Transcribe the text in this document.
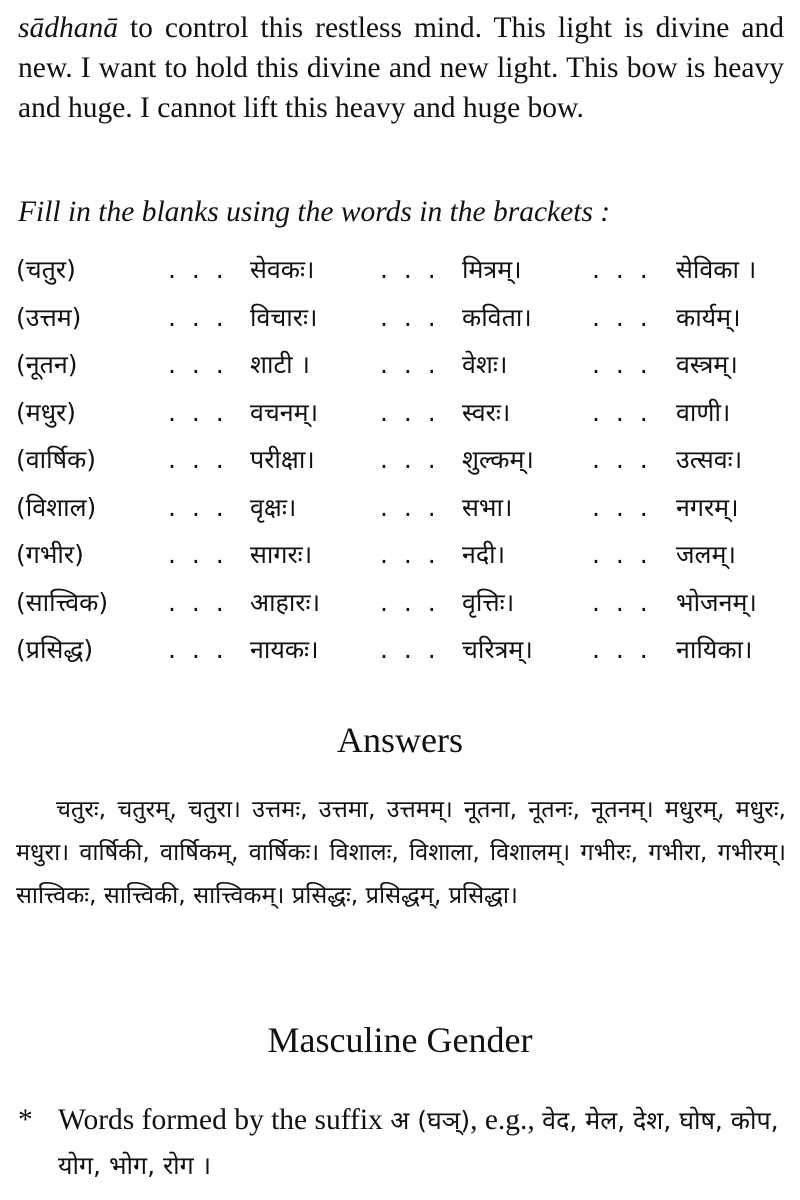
sādhanā to control this restless mind. This light is divine and new. I want to hold this divine and new light. This bow is heavy and huge. I cannot lift this heavy and huge bow.

Fill in the blanks using the words in the brackets :

(चतुर)	. . . सेवकः।	. . . मित्रम्।	. . . सेविका ।
(उत्तम)	. . . विचारः।	. . . कविता। . . . कार्यम्।
(नूतन)	. . . शाटी ।	. . . वेशः।	. . . वस्त्रम्।
(मधुर)	. . . वचनम्। . . . स्वरः।	. . . वाणी।
(वार्षिक)	. . . परीक्षा।	. . . शुल्कम्। . . . उत्सवः।
(विशाल)	. . . वृक्षः।	. . . सभा।	. . . नगरम्।
(गभीर)	. . . सागरः।	. . . नदी।	. . . जलम्।
(सात्त्विक) . . . आहारः। . . . वृत्तिः।	. . . भोजनम्।
(प्रसिद्ध)	. . . नायकः। . . . चरित्रम्। . . . नायिका।
Answers

चतुरः, चतुरम्, चतुरा। उत्तमः, उत्तमा, उत्तमम्। नूतना, नूतनः, नूतनम्। मधुरम्, मधुरः, मधुरा। वार्षिकी, वार्षिकम्, वार्षिकः। विशालः, विशाला, विशालम्। गभीरः, गभीरा, गभीरम्। सात्त्विकः, सात्त्विकी, सात्त्विकम्। प्रसिद्धः, प्रसिद्धम्, प्रसिद्धा।

Masculine Gender
* Words formed by the suffix अ (घञ्), e.g., वेद, मेल, देश, घोष, कोप, योग, भोग, रोग ।
